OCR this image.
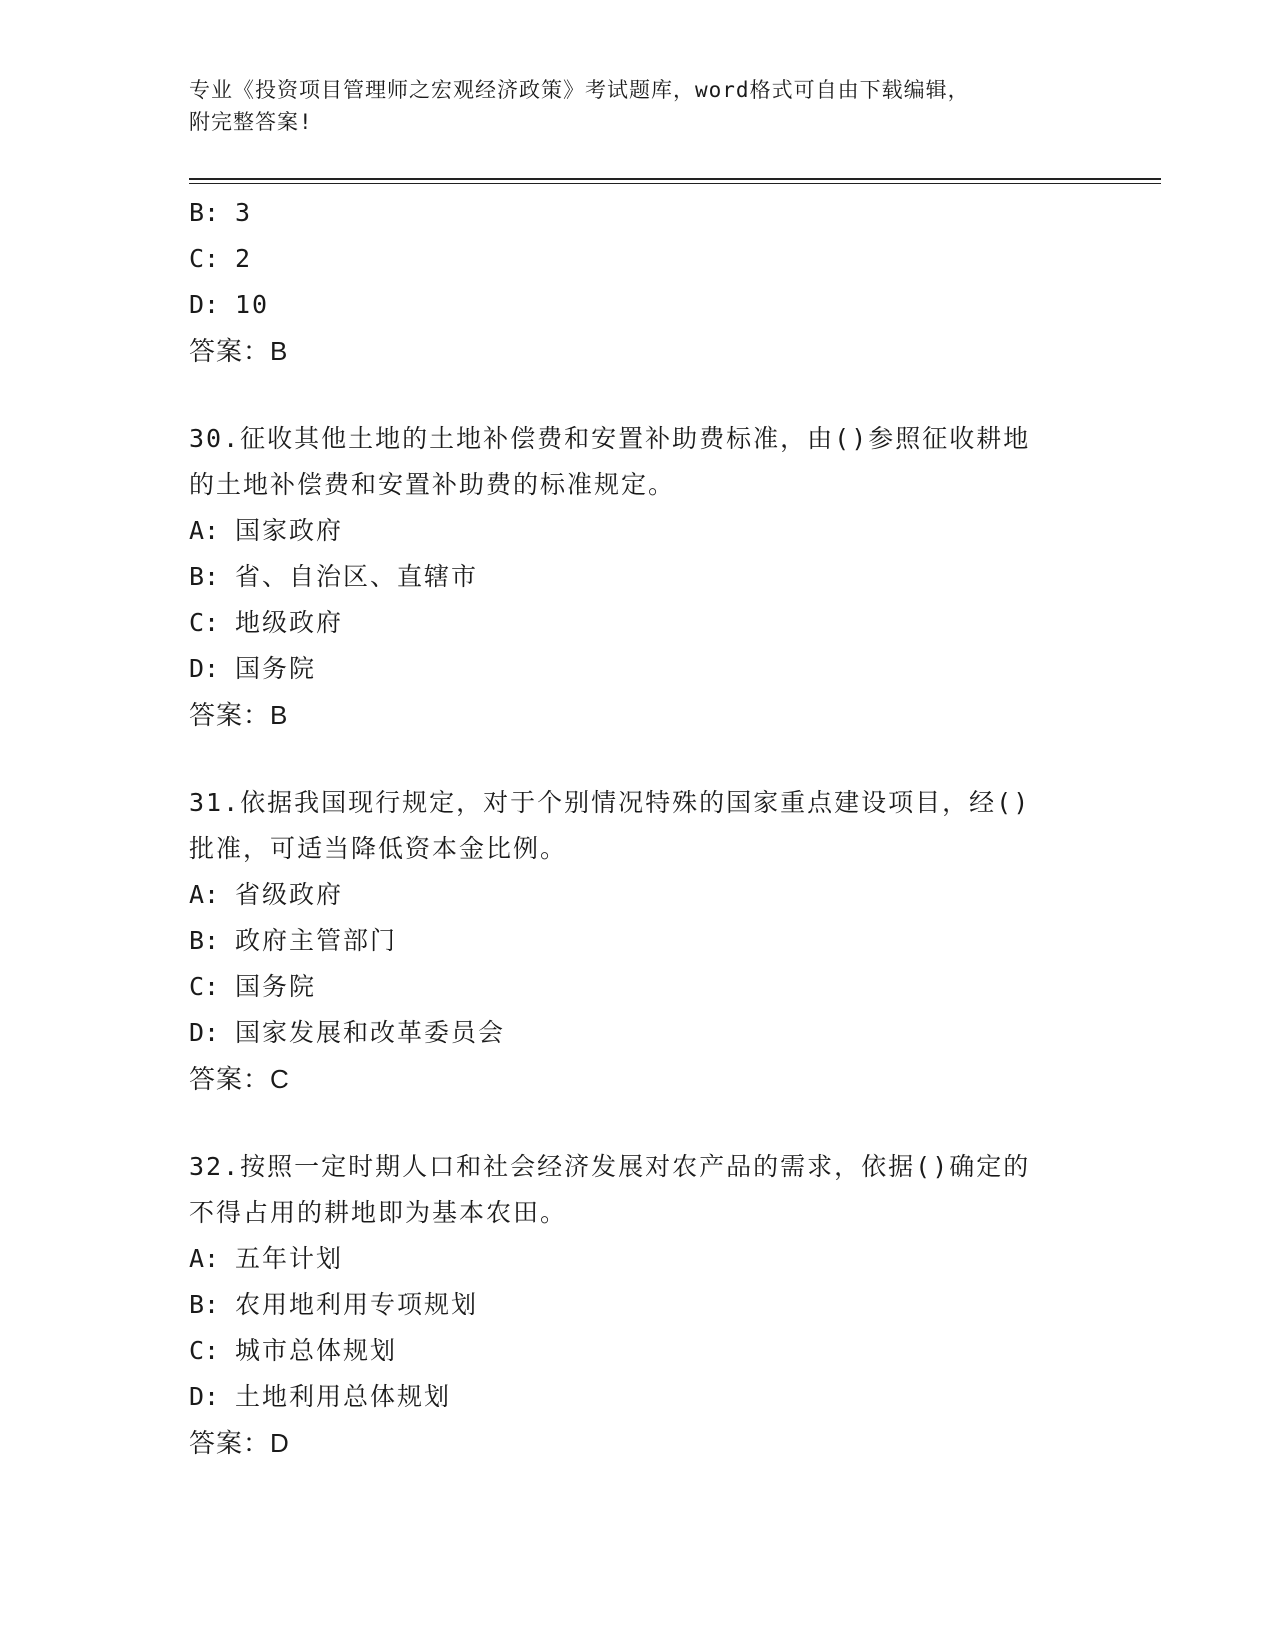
专业《投资项目管理师之宏观经济政策》考试题库，word格式可自由下载编辑，
附完整答案!
B: 3
C: 2
D: 10
答案：B
30.征收其他土地的土地补偿费和安置补助费标准，由()参照征收耕地
的土地补偿费和安置补助费的标准规定。
A: 国家政府
B: 省、自治区、直辖市
C: 地级政府
D: 国务院
答案：B
31.依据我国现行规定，对于个别情况特殊的国家重点建设项目，经()
批准，可适当降低资本金比例。
A: 省级政府
B: 政府主管部门
C: 国务院
D: 国家发展和改革委员会
答案：C
32.按照一定时期人口和社会经济发展对农产品的需求，依据()确定的
不得占用的耕地即为基本农田。
A: 五年计划
B: 农用地利用专项规划
C: 城市总体规划
D: 土地利用总体规划
答案：D
